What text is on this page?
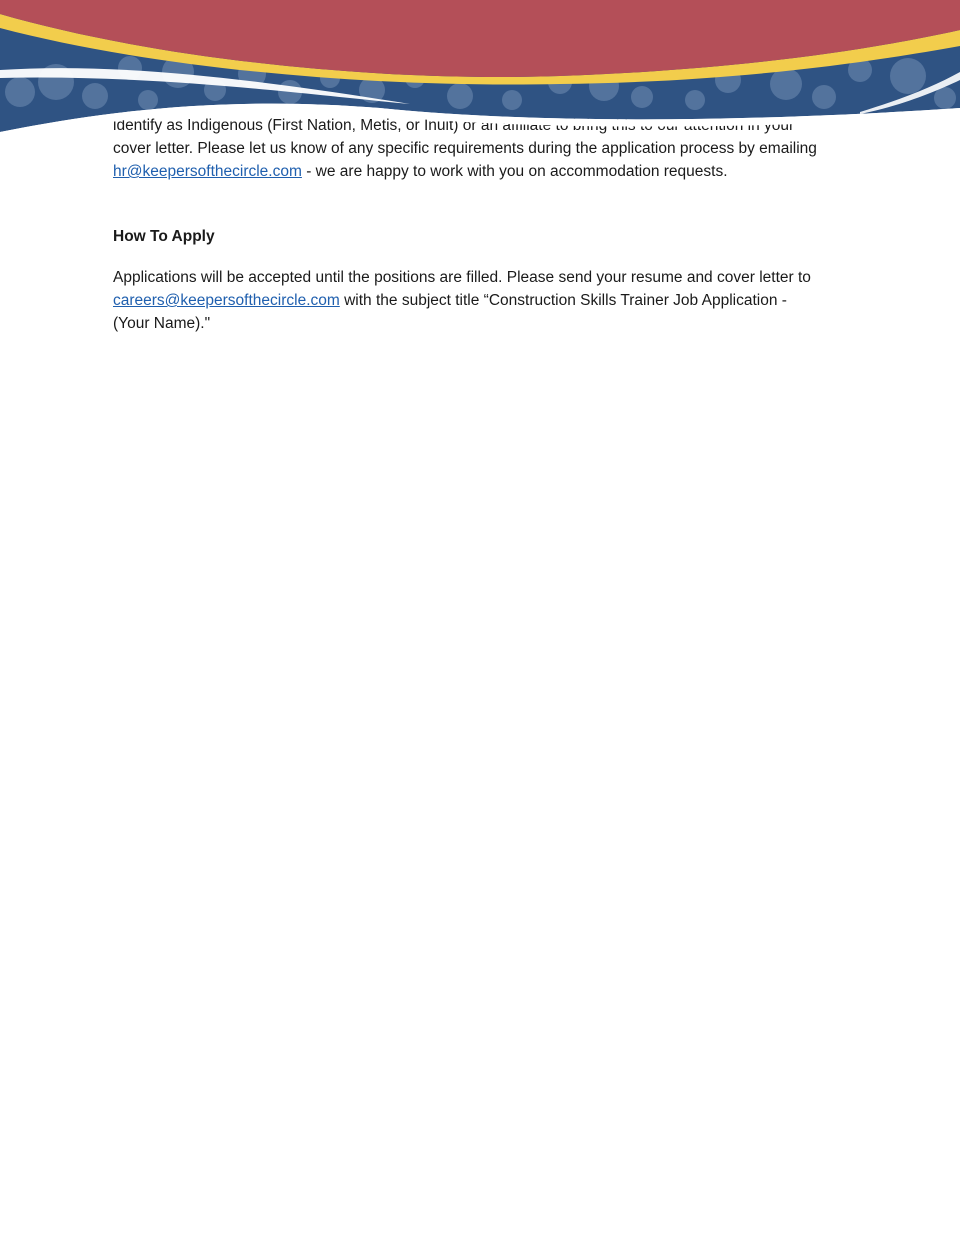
identify as Indigenous (First Nation, Metis, or Inuit) or an affiliate to bring this to our attention in your
cover letter. Please let us know of any specific requirements during the application process by emailing
hr@keepersofthecircle.com - we are happy to work with you on accommodation requests.

How To Apply

Applications will be accepted until the positions are filled. Please send your resume and cover letter to
careers@keepersofthecircle.com with the subject title “Construction Skills Trainer Job Application -
(Your Name)."
